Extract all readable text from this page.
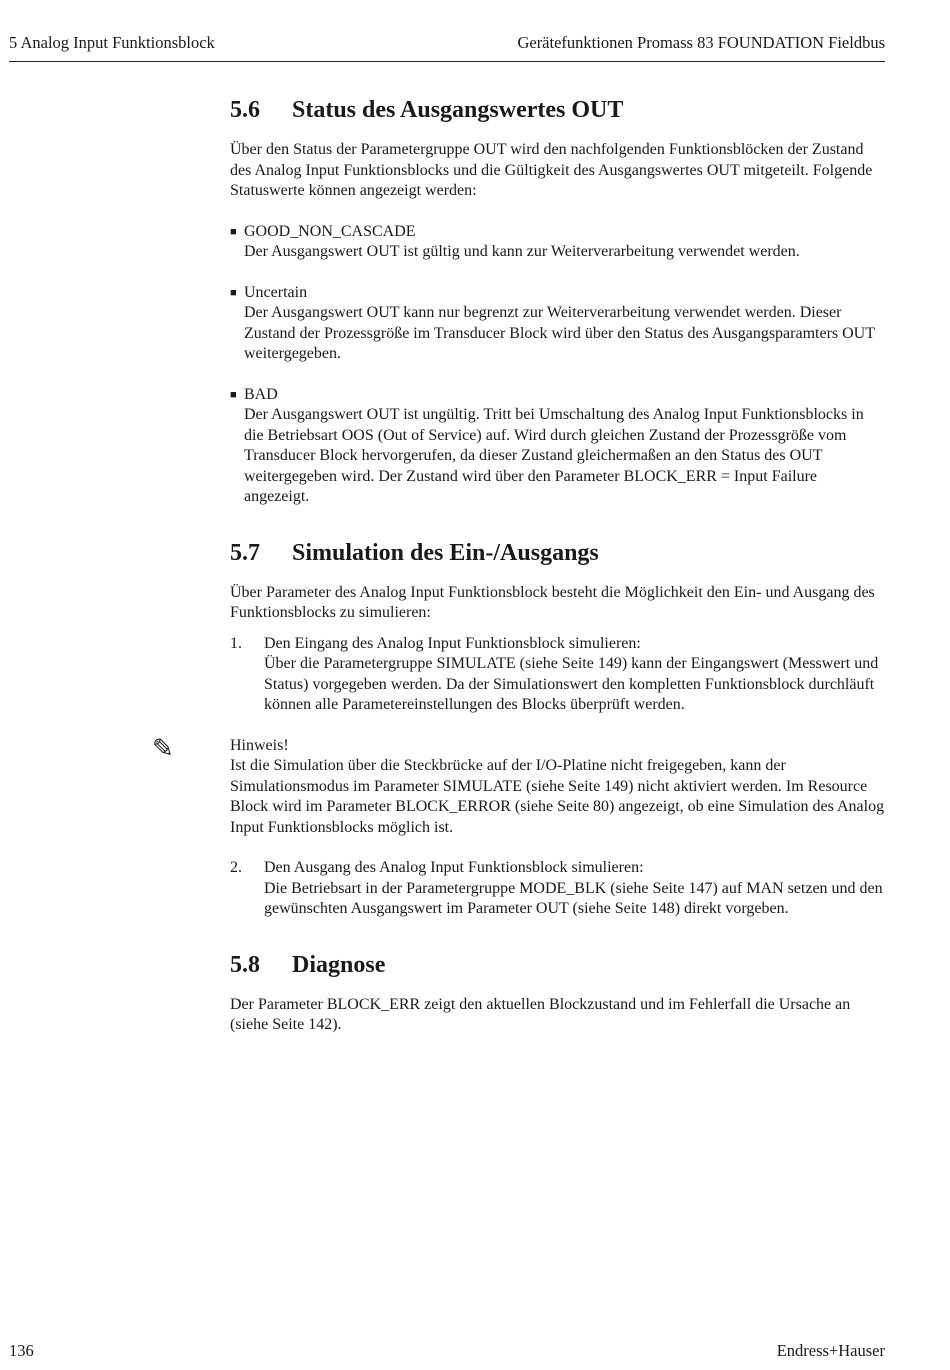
5 Analog Input Funktionsblock	Gerätefunktionen Promass 83 FOUNDATION Fieldbus
5.6 Status des Ausgangswertes OUT

Über den Status der Parametergruppe OUT wird den nachfolgenden Funktionsblöcken der Zustand des Analog Input Funktionsblocks und die Gültigkeit des Ausgangswertes OUT mitgeteilt. Folgende Statuswerte können angezeigt werden:

■ GOOD_NON_CASCADE

Der Ausgangswert OUT ist gültig und kann zur Weiterverarbeitung verwendet werden.

■ Uncertain

Der Ausgangswert OUT kann nur begrenzt zur Weiterverarbeitung verwendet werden. Dieser Zustand der Prozessgröße im Transducer Block wird über den Status des Ausgangsparamters OUT weitergegeben.

■ BAD

Der Ausgangswert OUT ist ungültig. Tritt bei Umschaltung des Analog Input Funktionsblocks in die Betriebsart OOS (Out of Service) auf. Wird durch gleichen Zustand der Prozessgröße vom Transducer Block hervorgerufen, da dieser Zustand gleichermaßen an den Status des OUT weitergegeben wird. Der Zustand wird über den Parameter BLOCK_ERR = Input Failure angezeigt.

5.7 Simulation des Ein-/Ausgangs

Über Parameter des Analog Input Funktionsblock besteht die Möglichkeit den Ein- und Ausgang des Funktionsblocks zu simulieren:

1. Den Eingang des Analog Input Funktionsblock simulieren:

Über die Parametergruppe SIMULATE (siehe Seite 149) kann der Eingangswert (Messwert und Status) vorgegeben werden. Da der Simulationswert den kompletten Funktionsblock durchläuft können alle Parametereinstellungen des Blocks überprüft werden.

✎	Hinweis!

Ist die Simulation über die Steckbrücke auf der I/O-Platine nicht freigegeben, kann der Simulationsmodus im Parameter SIMULATE (siehe Seite 149) nicht aktiviert werden. Im Resource Block wird im Parameter BLOCK_ERROR (siehe Seite 80) angezeigt, ob eine Simulation des Analog Input Funktionsblocks möglich ist.

2. Den Ausgang des Analog Input Funktionsblock simulieren:

Die Betriebsart in der Parametergruppe MODE_BLK (siehe Seite 147) auf MAN setzen und den gewünschten Ausgangswert im Parameter OUT (siehe Seite 148) direkt vorgeben.

5.8 Diagnose

Der Parameter BLOCK_ERR zeigt den aktuellen Blockzustand und im Fehlerfall die Ursache an (siehe Seite 142).

136	Endress+Hauser
